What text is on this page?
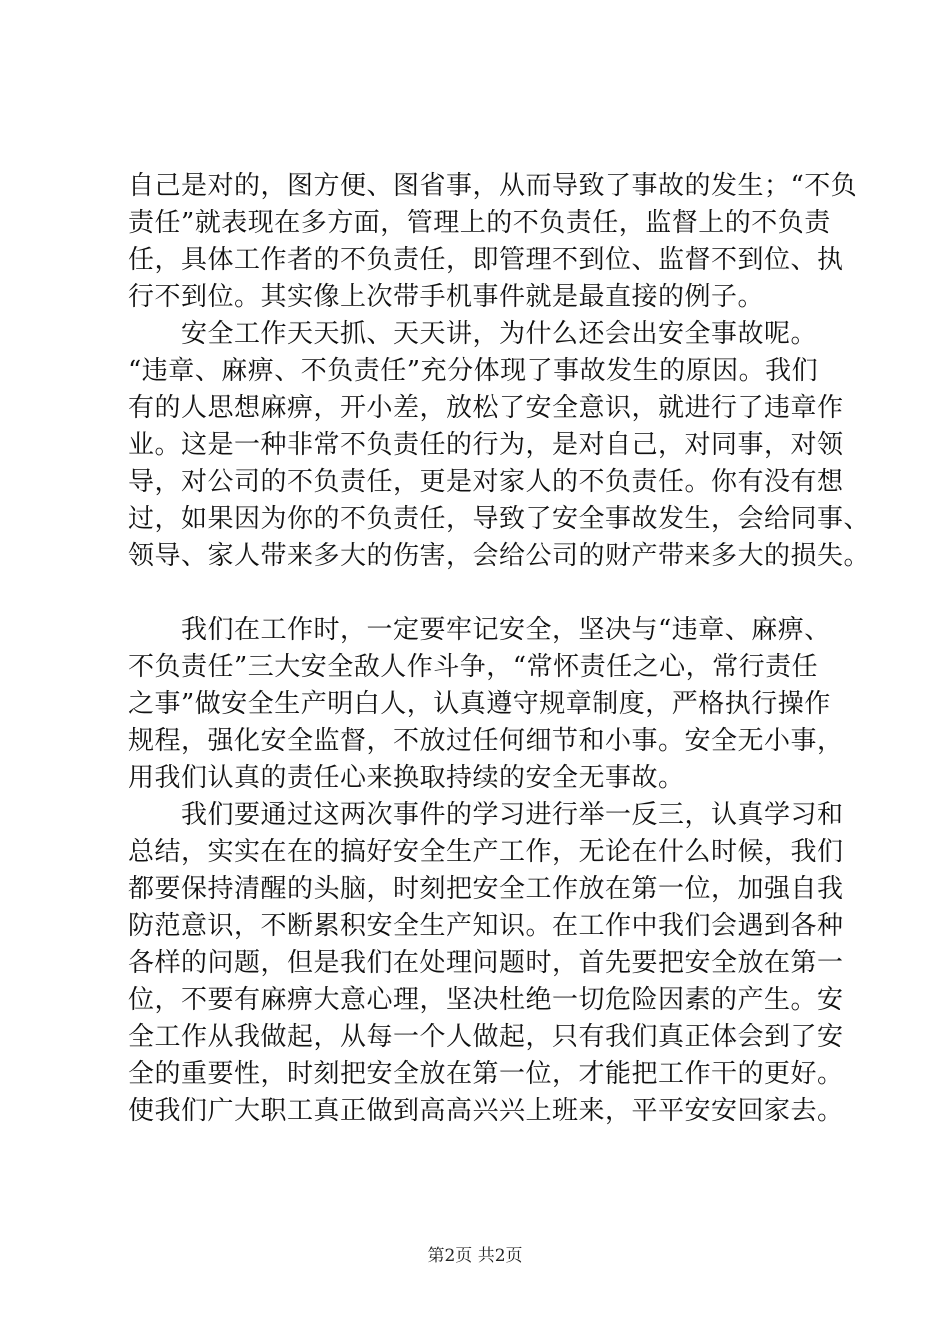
自己是对的，图方便、图省事，从而导致了事故的发生；“不负
责任”就表现在多方面，管理上的不负责任，监督上的不负责
任，具体工作者的不负责任，即管理不到位、监督不到位、执
行不到位。其实像上次带手机事件就是最直接的例子。
　　安全工作天天抓、天天讲，为什么还会出安全事故呢。
“违章、麻痹、不负责任”充分体现了事故发生的原因。我们
有的人思想麻痹，开小差，放松了安全意识，就进行了违章作
业。这是一种非常不负责任的行为，是对自己，对同事，对领
导，对公司的不负责任，更是对家人的不负责任。你有没有想
过，如果因为你的不负责任，导致了安全事故发生，会给同事、
领导、家人带来多大的伤害，会给公司的财产带来多大的损失。
　　我们在工作时，一定要牢记安全，坚决与“违章、麻痹、
不负责任”三大安全敌人作斗争，“常怀责任之心，常行责任
之事”做安全生产明白人，认真遵守规章制度，严格执行操作
规程，强化安全监督，不放过任何细节和小事。安全无小事，
用我们认真的责任心来换取持续的安全无事故。
　　我们要通过这两次事件的学习进行举一反三，认真学习和
总结，实实在在的搞好安全生产工作，无论在什么时候，我们
都要保持清醒的头脑，时刻把安全工作放在第一位，加强自我
防范意识，不断累积安全生产知识。在工作中我们会遇到各种
各样的问题，但是我们在处理问题时，首先要把安全放在第一
位，不要有麻痹大意心理，坚决杜绝一切危险因素的产生。安
全工作从我做起，从每一个人做起，只有我们真正体会到了安
全的重要性，时刻把安全放在第一位，才能把工作干的更好。
使我们广大职工真正做到高高兴兴上班来，平平安安回家去。
第2页 共2页
